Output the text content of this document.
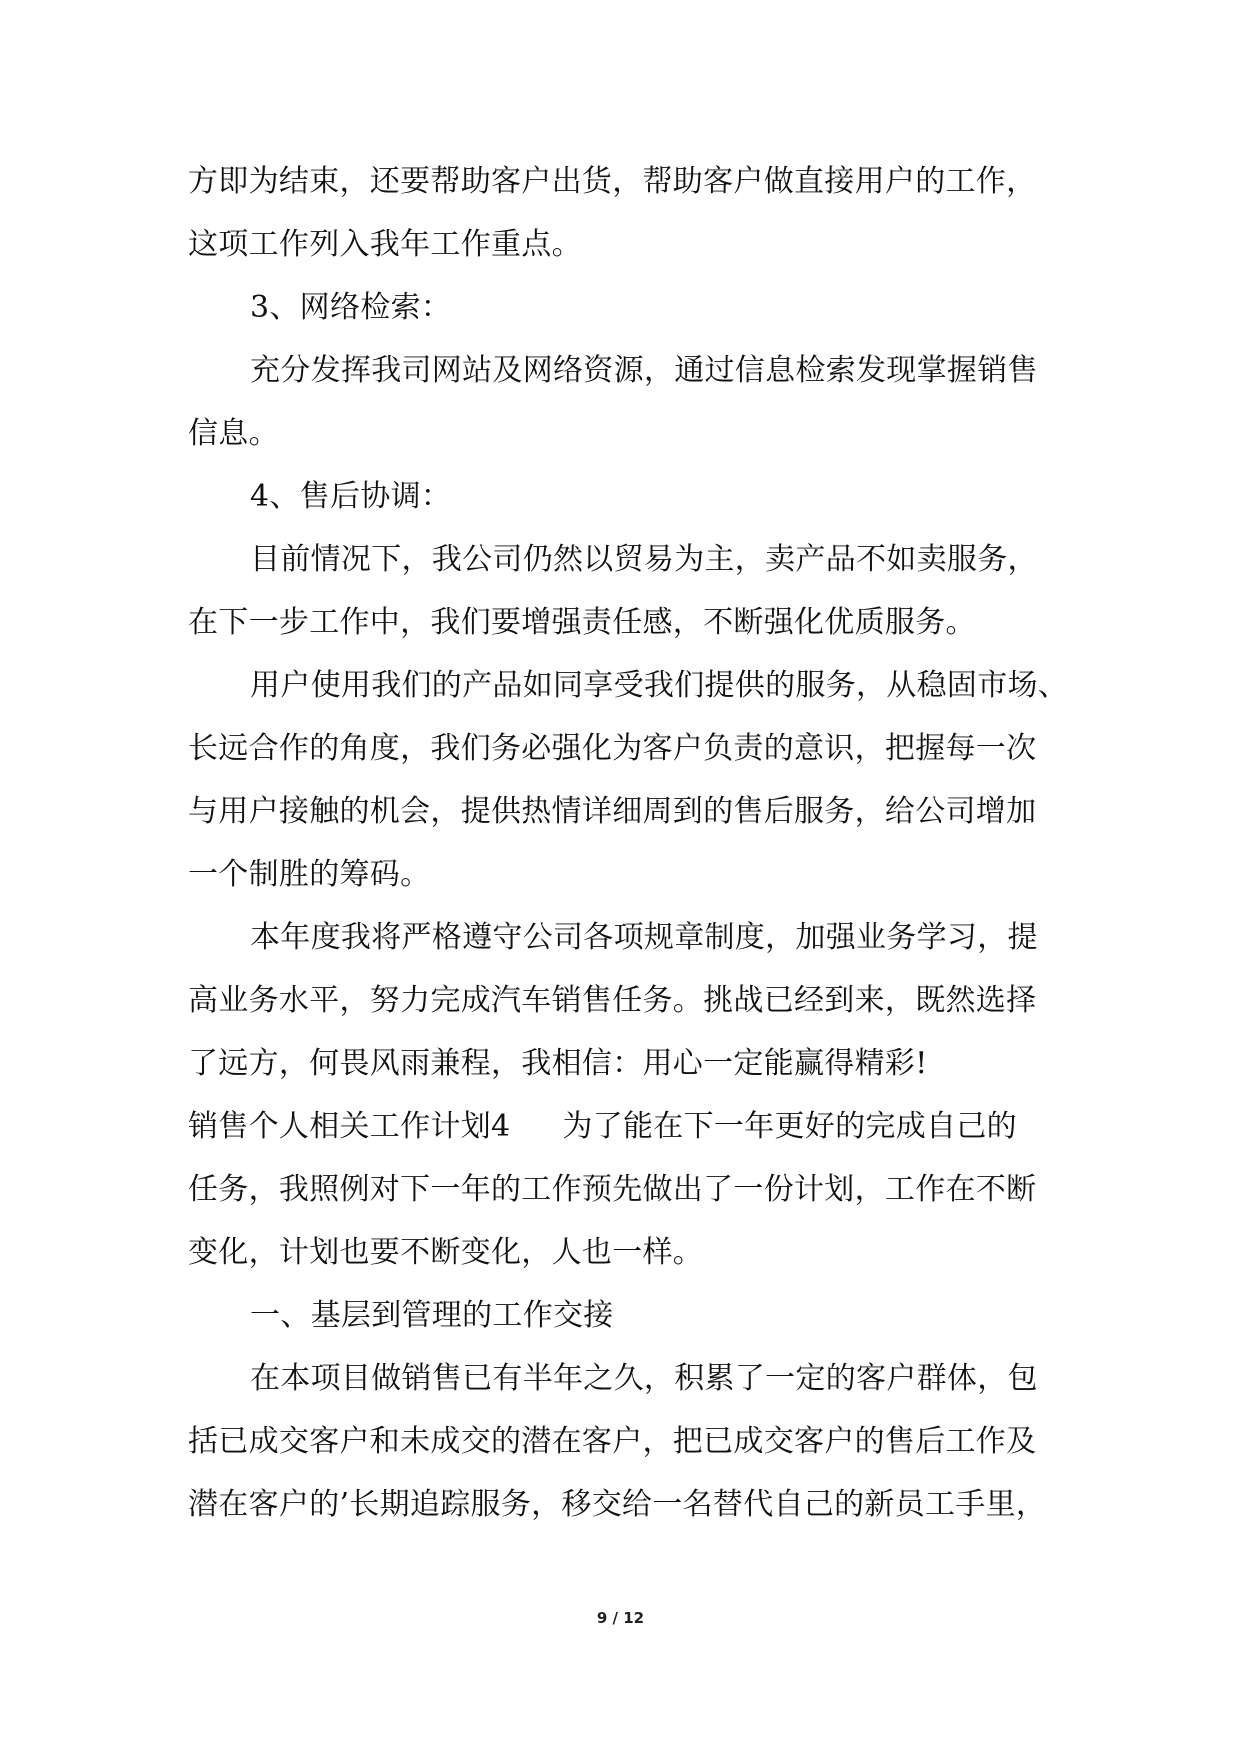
方即为结束，还要帮助客户出货，帮助客户做直接用户的工作，
这项工作列入我年工作重点。
3、网络检索：
充分发挥我司网站及网络资源，通过信息检索发现掌握销售
信息。
4、售后协调：
目前情况下，我公司仍然以贸易为主，卖产品不如卖服务，
在下一步工作中，我们要增强责任感，不断强化优质服务。
用户使用我们的产品如同享受我们提供的服务，从稳固市场、
长远合作的角度，我们务必强化为客户负责的意识，把握每一次
与用户接触的机会，提供热情详细周到的售后服务，给公司增加
一个制胜的筹码。
本年度我将严格遵守公司各项规章制度，加强业务学习，提
高业务水平，努力完成汽车销售任务。挑战已经到来，既然选择
了远方，何畏风雨兼程，我相信：用心一定能赢得精彩!
销售个人相关工作计划4 为了能在下一年更好的完成自己的
任务，我照例对下一年的工作预先做出了一份计划，工作在不断
变化，计划也要不断变化，人也一样。
一、基层到管理的工作交接
在本项目做销售已有半年之久，积累了一定的客户群体，包
括已成交客户和未成交的潜在客户，把已成交客户的售后工作及
潜在客户的’长期追踪服务，移交给一名替代自己的新员工手里，
9 / 12
